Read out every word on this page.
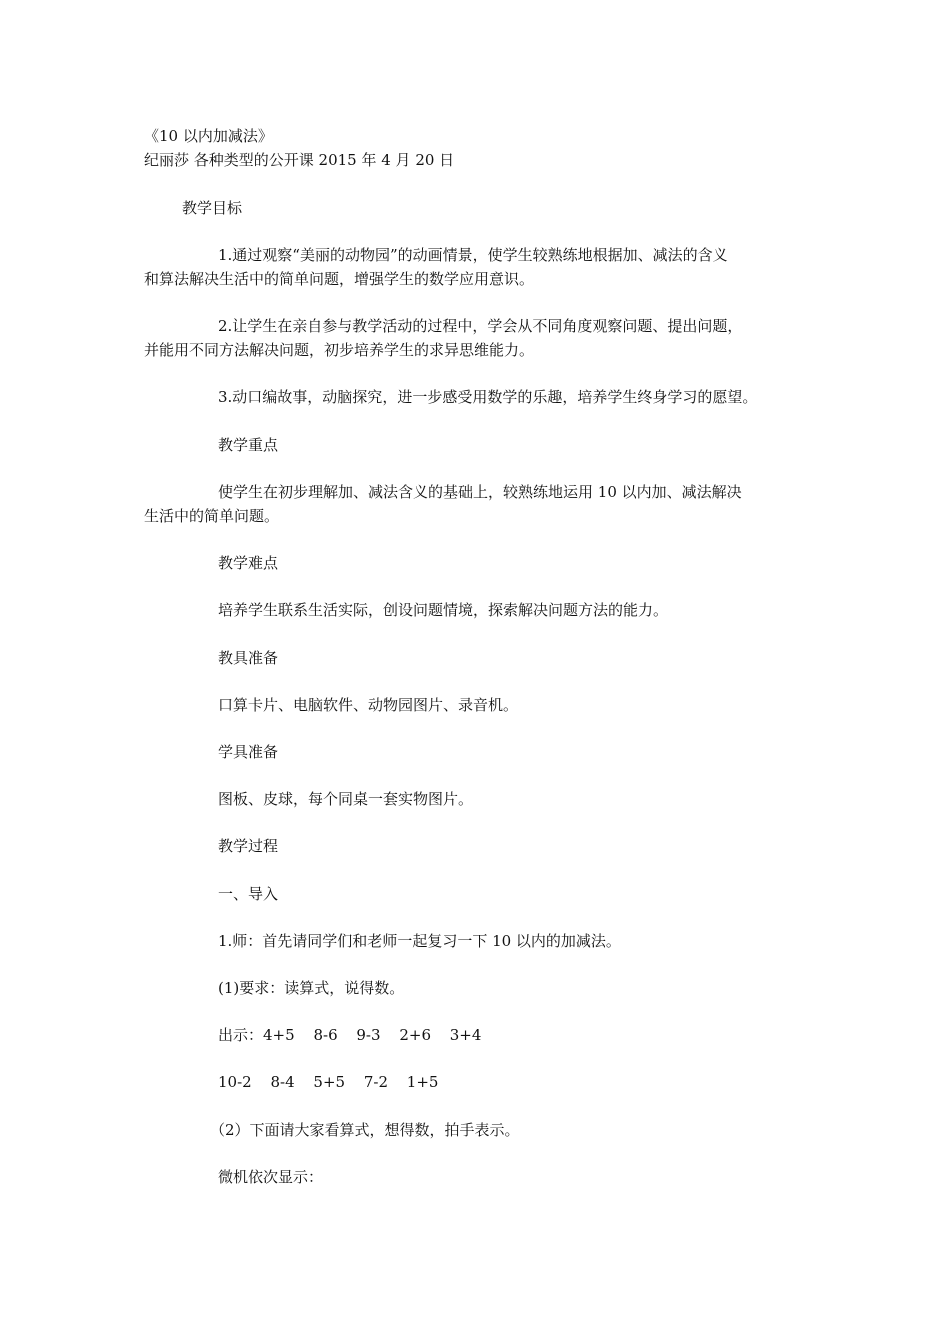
《10 以内加减法》

纪丽莎 各种类型的公开课 2015 年 4 月 20 日

教学目标

1.通过观察“美丽的动物园”的动画情景，使学生较熟练地根据加、减法的含义

和算法解决生活中的简单问题，增强学生的数学应用意识。

2.让学生在亲自参与教学活动的过程中，学会从不同角度观察问题、提出问题，

并能用不同方法解决问题，初步培养学生的求异思维能力。

3.动口编故事，动脑探究，进一步感受用数学的乐趣，培养学生终身学习的愿望。

教学重点

使学生在初步理解加、减法含义的基础上，较熟练地运用 10 以内加、减法解决

生活中的简单问题。

教学难点

培养学生联系生活实际，创设问题情境，探索解决问题方法的能力。

教具准备

口算卡片、电脑软件、动物园图片、录音机。

学具准备

图板、皮球，每个同桌一套实物图片。

教学过程

一、导入

1.师：首先请同学们和老师一起复习一下 10 以内的加减法。

(1)要求：读算式，说得数。

出示：4+5 8-6 9-3 2+6 3+4

10-2 8-4 5+5 7-2 1+5

（2）下面请大家看算式，想得数，拍手表示。

微机依次显示：
